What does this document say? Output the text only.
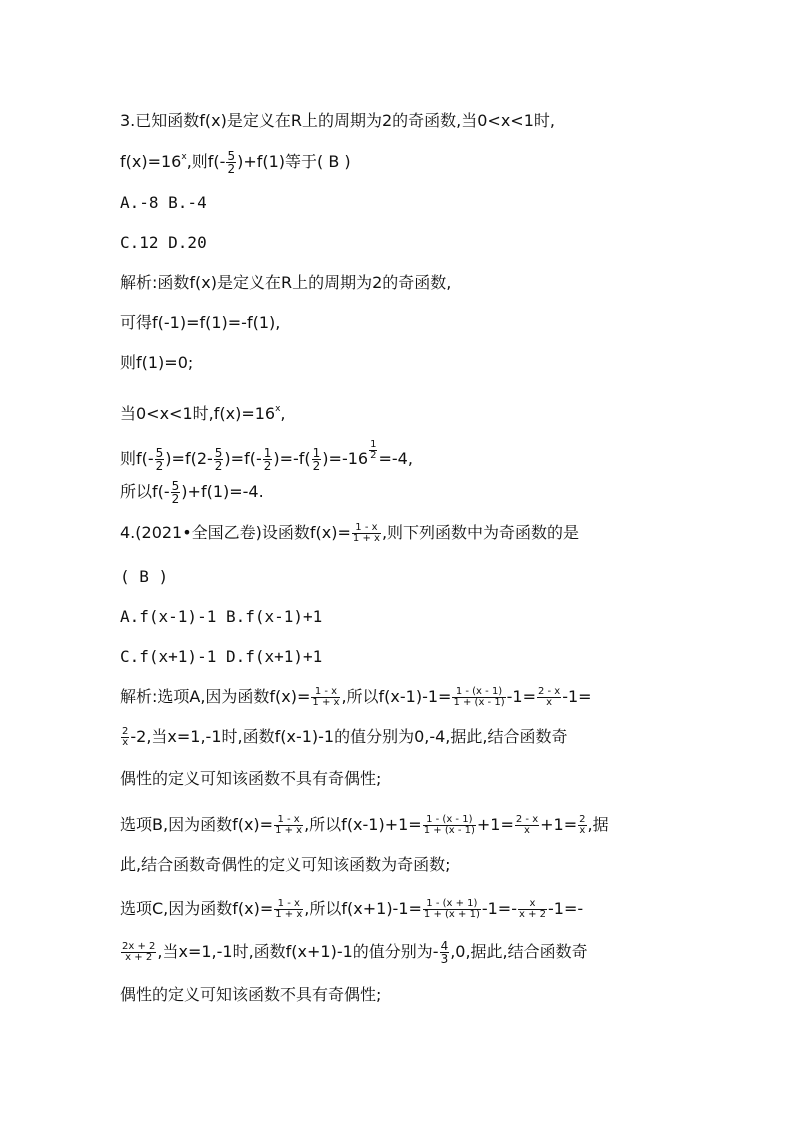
3.已知函数f(x)是定义在R上的周期为2的奇函数,当0<x<1时,
$f(x)=16^x$,则$f(- \frac{5}{2} )+f(1)$等于( B )
A.-8 B.-4
C.12 D.20
解析:函数f(x)是定义在R上的周期为2的奇函数,
可得f(-1)=f(1)=-f(1),
则f(1)=0;
当0<x<1时$,f(x)=16^x$,
则$f(- \frac{5}{2} )=f(2- \frac{5}{2} )=f(- \frac{1}{2} )=-f( \frac{1}{2} )=-16 \frac{1}{2} =-4$,
所以$f(- \frac{5}{2} )+f(1)=-4$.
4.(2021•全国乙卷)设函数$f(x)= \frac{1 - x}{1 + x}$ ,则下列函数中为奇函数的是
( B )
A.f(x-1)-1 B.f(x-1)+1
C.f(x+1)-1 D.f(x+1)+1
解析:选项A,因为函数$f(x)= \frac{1 - x}{1 + x}$ ,所以$f(x-1)-1= \frac{1 - (x - 1)}{1 + (x - 1)} -1= \frac{2 - x}{x} -1=$
$\frac{2}{x} -2$,当x=1,-1时,函数f(x-1)-1的值分别为0,-4,据此,结合函数奇
偶性的定义可知该函数不具有奇偶性;
选项B,因为函数$f(x)= \frac{1 - x}{1 + x}$ ,所以$f(x-1)+1= \frac{1 - (x - 1)}{1 + (x - 1)} +1= \frac{2 - x}{x} +1= \frac{2}{x}$ ,据
此,结合函数奇偶性的定义可知该函数为奇函数;
选项C,因为函数$f(x)= \frac{1 - x}{1 + x}$ ,所以$f(x+1)-1= \frac{1 - (x + 1)}{1 + (x + 1)} -1=- \frac{x}{x + 2} -1=-$
$\frac{2x + 2}{x + 2}$ ,当x=1,-1时,函数f(x+1)-1的值分别为- $\frac{4}{3} ,0$,据此,结合函数奇
偶性的定义可知该函数不具有奇偶性;
